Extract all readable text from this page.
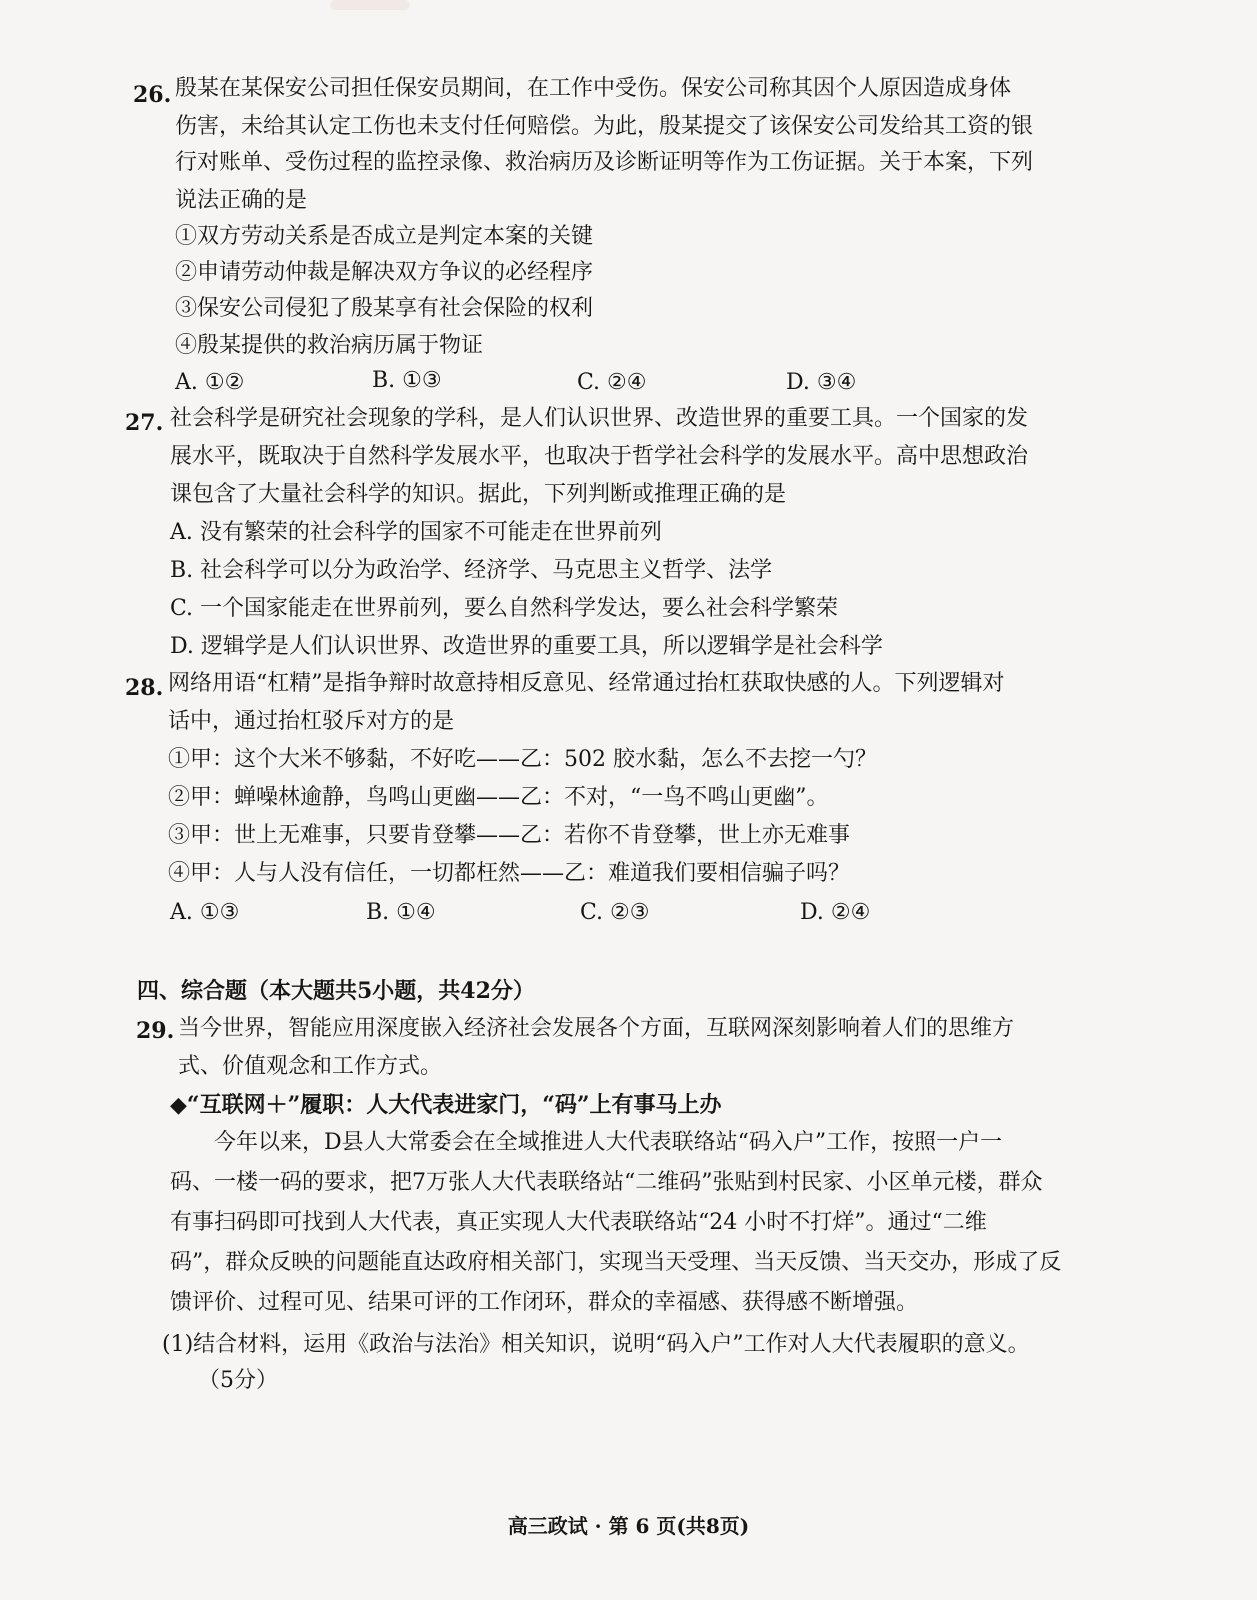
26. 殷某在某保安公司担任保安员期间，在工作中受伤。保安公司称其因个人原因造成身体
伤害，未给其认定工伤也未支付任何赔偿。为此，殷某提交了该保安公司发给其工资的银
行对账单、受伤过程的监控录像、救治病历及诊断证明等作为工伤证据。关于本案，下列
说法正确的是
①双方劳动关系是否成立是判定本案的关键
②申请劳动仲裁是解决双方争议的必经程序
③保安公司侵犯了殷某享有社会保险的权利
④殷某提供的救治病历属于物证
A. ①②	B. ①③	C. ②④	D. ③④
27. 社会科学是研究社会现象的学科，是人们认识世界、改造世界的重要工具。一个国家的发
展水平，既取决于自然科学发展水平，也取决于哲学社会科学的发展水平。高中思想政治
课包含了大量社会科学的知识。据此，下列判断或推理正确的是
A. 没有繁荣的社会科学的国家不可能走在世界前列
B. 社会科学可以分为政治学、经济学、马克思主义哲学、法学
C. 一个国家能走在世界前列，要么自然科学发达，要么社会科学繁荣
D. 逻辑学是人们认识世界、改造世界的重要工具，所以逻辑学是社会科学
28. 网络用语“杠精”是指争辩时故意持相反意见、经常通过抬杠获取快感的人。下列逻辑对
话中，通过抬杠驳斥对方的是
①甲：这个大米不够黏，不好吃——乙：502 胶水黏，怎么不去挖一勺？
②甲：蝉噪林逾静，鸟鸣山更幽——乙：不对，“一鸟不鸣山更幽”。
③甲：世上无难事，只要肯登攀——乙：若你不肯登攀，世上亦无难事
④甲：人与人没有信任，一切都枉然——乙：难道我们要相信骗子吗？
A. ①③	B. ①④	C. ②③	D. ②④
四、综合题（本大题共5小题，共42分）
29. 当今世界，智能应用深度嵌入经济社会发展各个方面，互联网深刻影响着人们的思维方
式、价值观念和工作方式。
◆“互联网＋”履职：人大代表进家门，“码”上有事马上办
今年以来，D县人大常委会在全域推进人大代表联络站“码入户”工作，按照一户一
码、一楼一码的要求，把7万张人大代表联络站“二维码”张贴到村民家、小区单元楼，群众
有事扫码即可找到人大代表，真正实现人大代表联络站“24 小时不打烊”。通过“二维
码”，群众反映的问题能直达政府相关部门，实现当天受理、当天反馈、当天交办，形成了反
馈评价、过程可见、结果可评的工作闭环，群众的幸福感、获得感不断增强。
(1)结合材料，运用《政治与法治》相关知识，说明“码入户”工作对人大代表履职的意义。
（5分）
高三政试 · 第 6 页(共8页)
